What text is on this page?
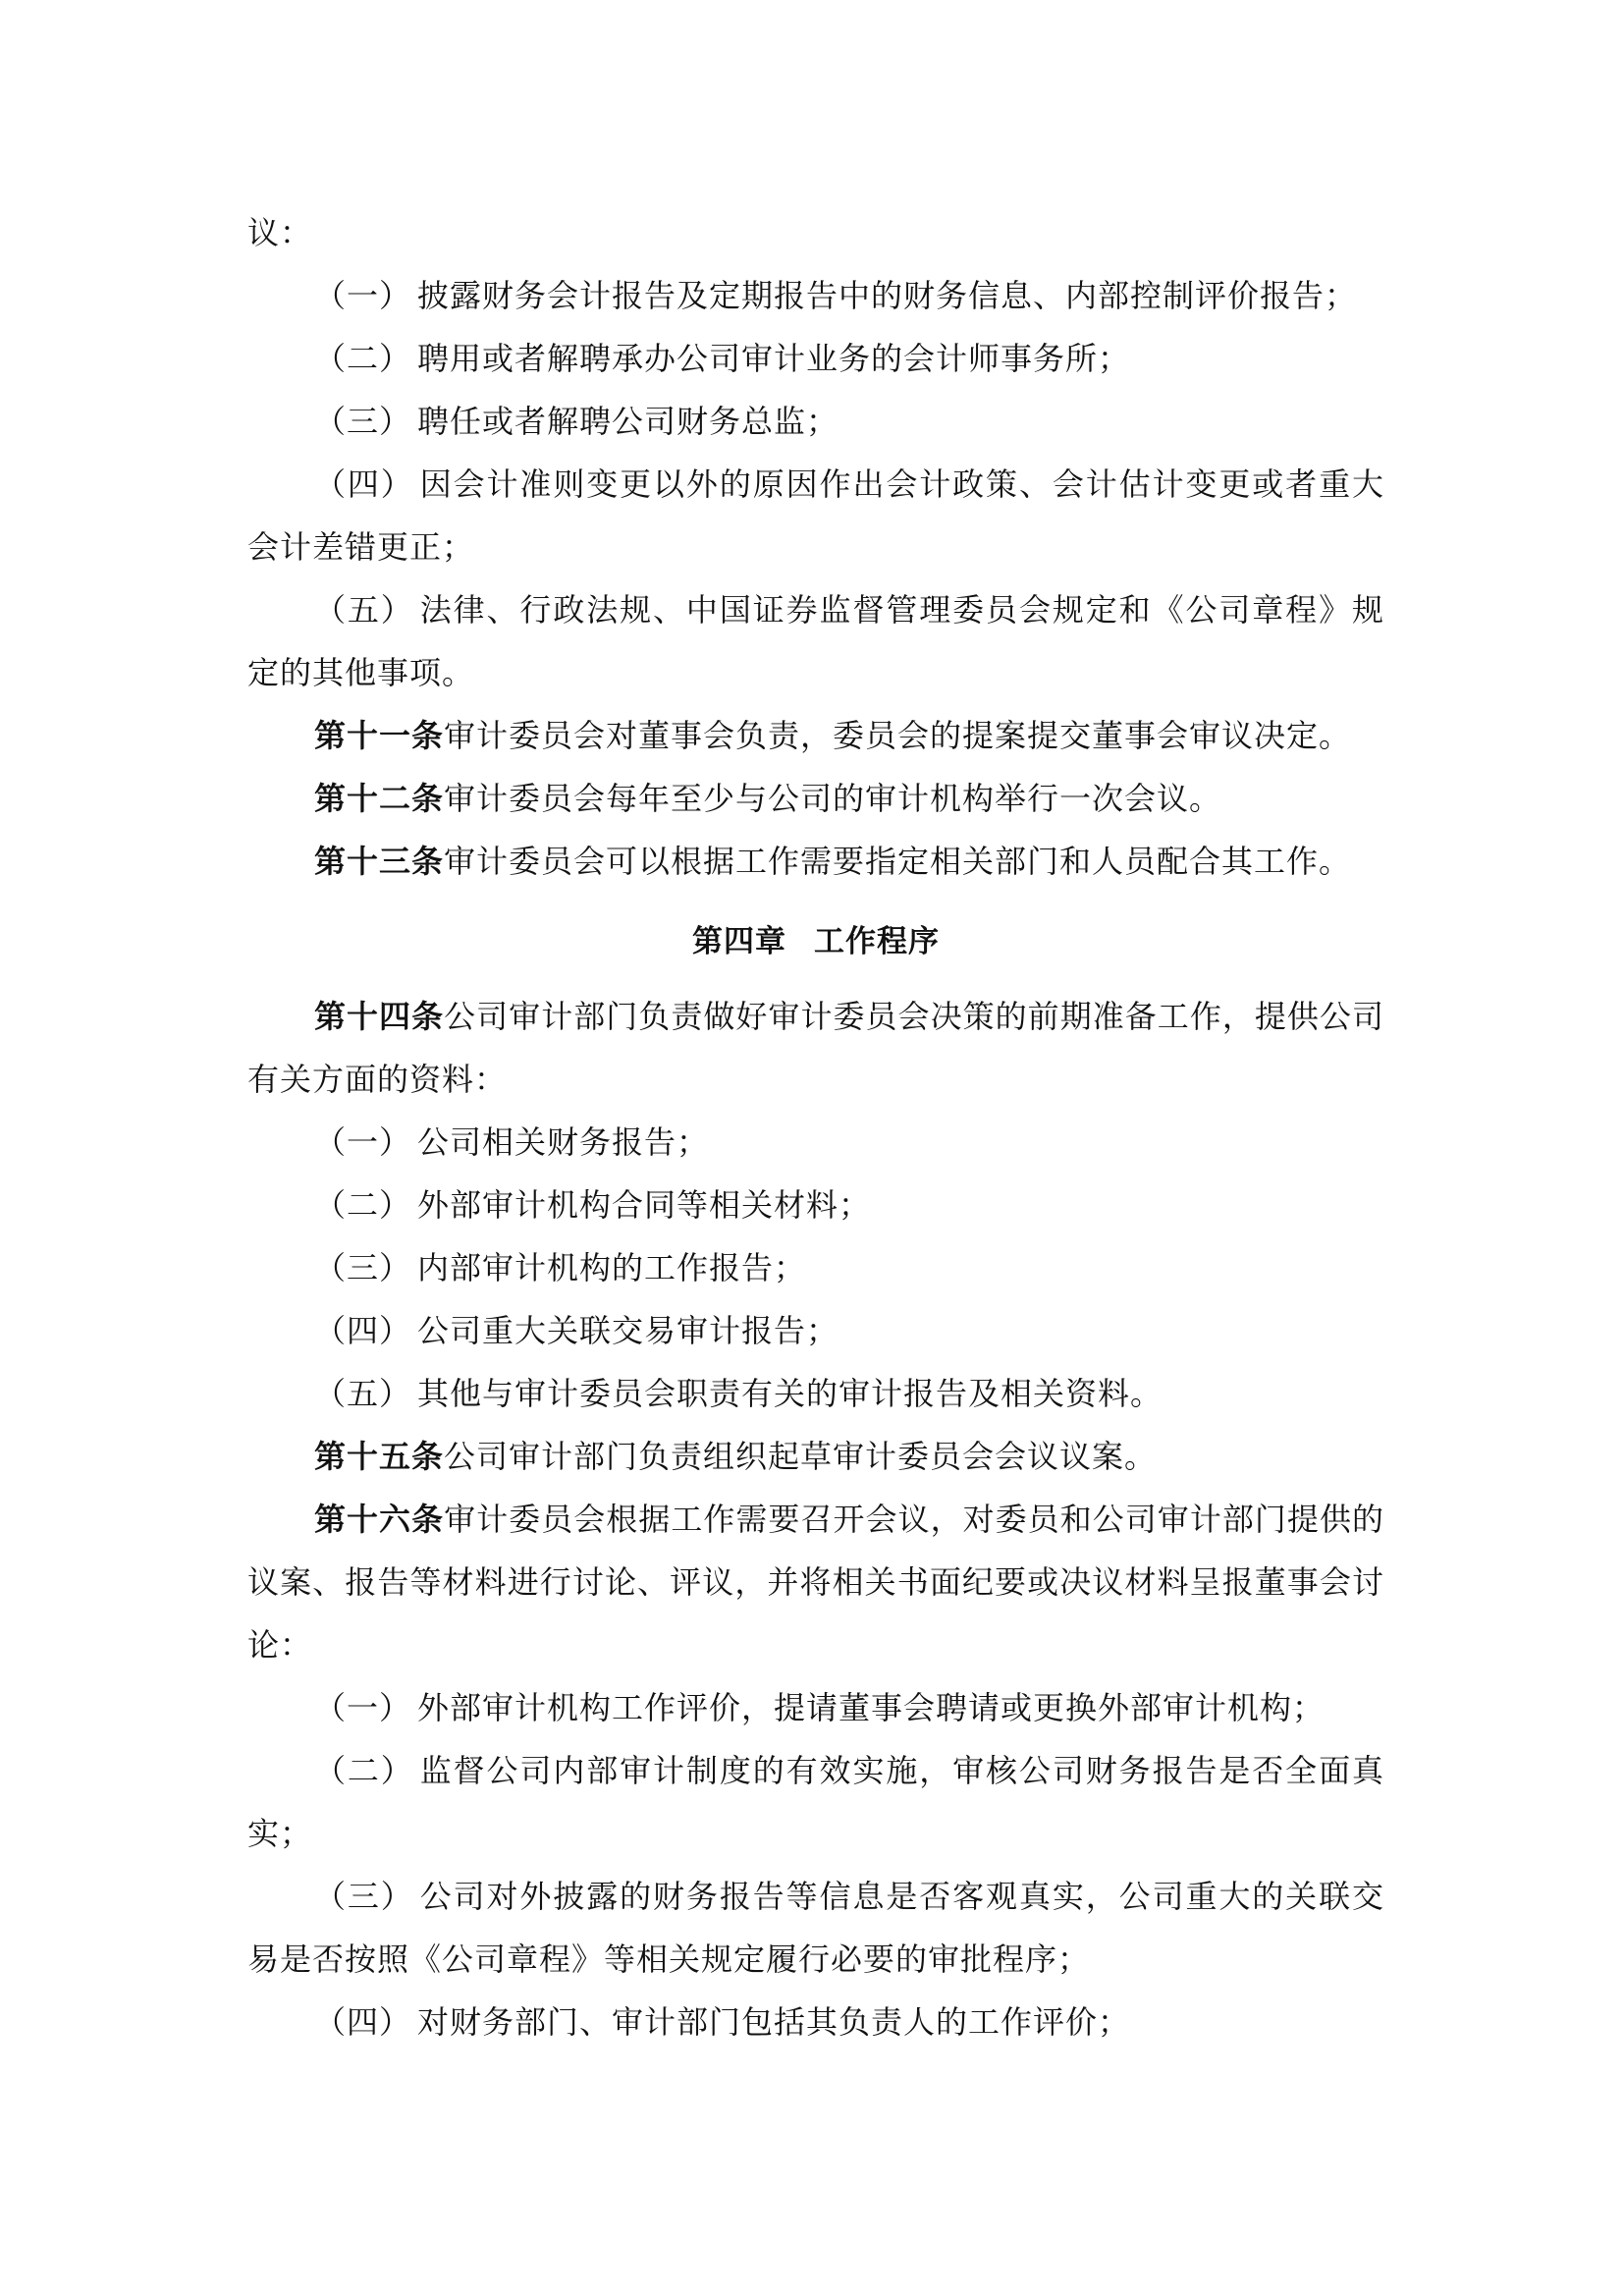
议：

（一） 披露财务会计报告及定期报告中的财务信息、内部控制评价报告；

（二） 聘用或者解聘承办公司审计业务的会计师事务所；

（三） 聘任或者解聘公司财务总监；

（四） 因会计准则变更以外的原因作出会计政策、会计估计变更或者重大会计差错更正；

（五） 法律、行政法规、中国证券监督管理委员会规定和《公司章程》规定的其他事项。

第十一条审计委员会对董事会负责，委员会的提案提交董事会审议决定。

第十二条审计委员会每年至少与公司的审计机构举行一次会议。

第十三条审计委员会可以根据工作需要指定相关部门和人员配合其工作。

第四章 工作程序

第十四条公司审计部门负责做好审计委员会决策的前期准备工作，提供公司有关方面的资料：

（一） 公司相关财务报告；

（二） 外部审计机构合同等相关材料；

（三） 内部审计机构的工作报告；

（四） 公司重大关联交易审计报告；

（五） 其他与审计委员会职责有关的审计报告及相关资料。

第十五条公司审计部门负责组织起草审计委员会会议议案。

第十六条审计委员会根据工作需要召开会议，对委员和公司审计部门提供的议案、报告等材料进行讨论、评议，并将相关书面纪要或决议材料呈报董事会讨论：

（一） 外部审计机构工作评价，提请董事会聘请或更换外部审计机构；

（二） 监督公司内部审计制度的有效实施，审核公司财务报告是否全面真实；

（三） 公司对外披露的财务报告等信息是否客观真实，公司重大的关联交易是否按照《公司章程》等相关规定履行必要的审批程序；

（四） 对财务部门、审计部门包括其负责人的工作评价；
